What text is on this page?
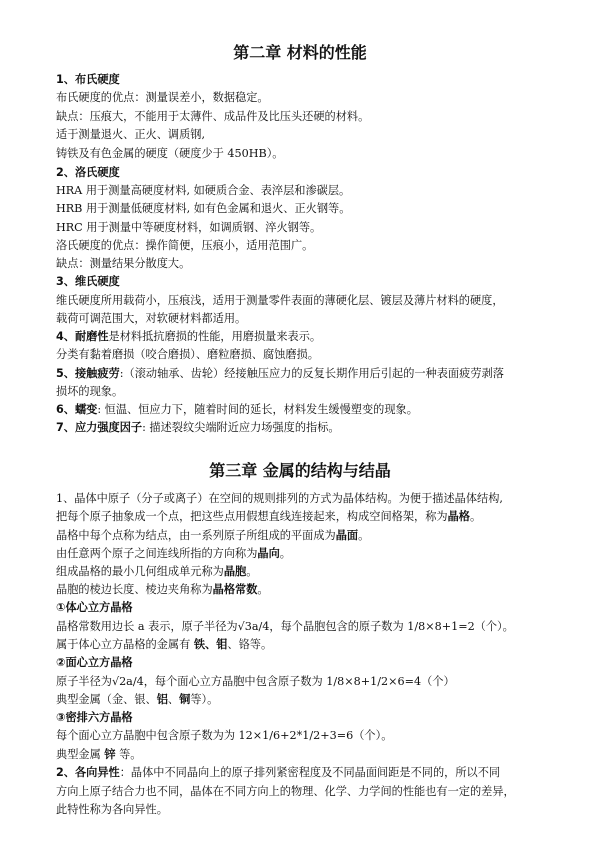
第二章 材料的性能

1、布氏硬度

布氏硬度的优点：测量误差小，数据稳定。

缺点：压痕大，不能用于太薄件、成品件及比压头还硬的材料。

适于测量退火、正火、调质钢,

铸铁及有色金属的硬度（硬度少于 450HB）。

2、洛氏硬度

HRA 用于测量高硬度材料, 如硬质合金、表淬层和渗碳层。

HRB 用于测量低硬度材料, 如有色金属和退火、正火钢等。

HRC 用于测量中等硬度材料，如调质钢、淬火钢等。

洛氏硬度的优点：操作简便，压痕小，适用范围广。

缺点：测量结果分散度大。

3、维氏硬度

维氏硬度所用载荷小，压痕浅，适用于测量零件表面的薄硬化层、镀层及薄片材料的硬度，

载荷可调范围大，对软硬材料都适用。

4、耐磨性是材料抵抗磨损的性能，用磨损量来表示。

分类有黏着磨损（咬合磨损）、磨粒磨损、腐蚀磨损。

5、接触疲劳:（滚动轴承、齿轮）经接触压应力的反复长期作用后引起的一种表面疲劳剥落

损坏的现象。

6、蠕变: 恒温、恒应力下，随着时间的延长，材料发生缓慢塑变的现象。

7、应力强度因子: 描述裂纹尖端附近应力场强度的指标。

第三章 金属的结构与结晶

1、晶体中原子（分子或离子）在空间的规则排列的方式为晶体结构。为便于描述晶体结构,

把每个原子抽象成一个点，把这些点用假想直线连接起来，构成空间格架，称为晶格。

晶格中每个点称为结点，由一系列原子所组成的平面成为晶面。

由任意两个原子之间连线所指的方向称为晶向。

组成晶格的最小几何组成单元称为晶胞。

晶胞的棱边长度、棱边夹角称为晶格常数。

①体心立方晶格

晶格常数用边长 a 表示，原子半径为√3a/4，每个晶胞包含的原子数为 1/8×8+1=2（个）。

属于体心立方晶格的金属有 铁、钼、铬等。

②面心立方晶格

原子半径为√2a/4，每个面心立方晶胞中包含原子数为 1/8×8+1/2×6=4（个）

典型金属（金、银、铝、铜等）。

③密排六方晶格

每个面心立方晶胞中包含原子数为为 12×1/6+2*1/2+3=6（个）。

典型金属 锌 等。

2、各向异性：晶体中不同晶向上的原子排列紧密程度及不同晶面间距是不同的，所以不同

方向上原子结合力也不同，晶体在不同方向上的物理、化学、力学间的性能也有一定的差异，

此特性称为各向异性。
